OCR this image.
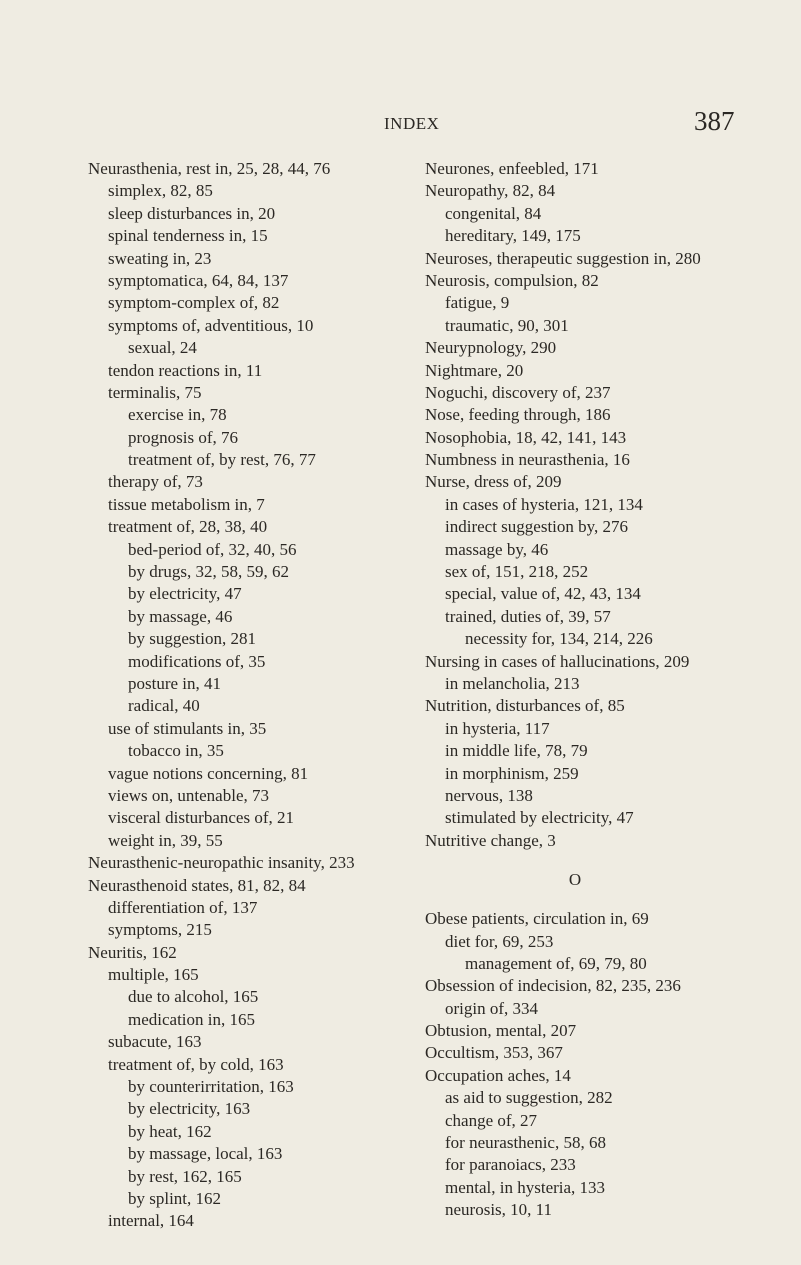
INDEX	387
Neurasthenia, rest in, 25, 28, 44, 76
simplex, 82, 85
sleep disturbances in, 20
spinal tenderness in, 15
sweating in, 23
symptomatica, 64, 84, 137
symptom-complex of, 82
symptoms of, adventitious, 10
sexual, 24
tendon reactions in, 11
terminalis, 75
exercise in, 78
prognosis of, 76
treatment of, by rest, 76, 77
therapy of, 73
tissue metabolism in, 7
treatment of, 28, 38, 40
bed-period of, 32, 40, 56
by drugs, 32, 58, 59, 62
by electricity, 47
by massage, 46
by suggestion, 281
modifications of, 35
posture in, 41
radical, 40
use of stimulants in, 35
tobacco in, 35
vague notions concerning, 81
views on, untenable, 73
visceral disturbances of, 21
weight in, 39, 55
Neurasthenic-neuropathic insanity, 233
Neurasthenoid states, 81, 82, 84
differentiation of, 137
symptoms, 215
Neuritis, 162
multiple, 165
due to alcohol, 165
medication in, 165
subacute, 163
treatment of, by cold, 163
by counterirritation, 163
by electricity, 163
by heat, 162
by massage, local, 163
by rest, 162, 165
by splint, 162
internal, 164
Neurones, enfeebled, 171
Neuropathy, 82, 84
congenital, 84
hereditary, 149, 175
Neuroses, therapeutic suggestion in, 280
Neurosis, compulsion, 82
fatigue, 9
traumatic, 90, 301
Neurypnology, 290
Nightmare, 20
Noguchi, discovery of, 237
Nose, feeding through, 186
Nosophobia, 18, 42, 141, 143
Numbness in neurasthenia, 16
Nurse, dress of, 209
in cases of hysteria, 121, 134
indirect suggestion by, 276
massage by, 46
sex of, 151, 218, 252
special, value of, 42, 43, 134
trained, duties of, 39, 57
necessity for, 134, 214, 226
Nursing in cases of hallucinations, 209
in melancholia, 213
Nutrition, disturbances of, 85
in hysteria, 117
in middle life, 78, 79
in morphinism, 259
nervous, 138
stimulated by electricity, 47
Nutritive change, 3
O
Obese patients, circulation in, 69
diet for, 69, 253
management of, 69, 79, 80
Obsession of indecision, 82, 235, 236
origin of, 334
Obtusion, mental, 207
Occultism, 353, 367
Occupation aches, 14
as aid to suggestion, 282
change of, 27
for neurasthenic, 58, 68
for paranoiacs, 233
mental, in hysteria, 133
neurosis, 10, 11
